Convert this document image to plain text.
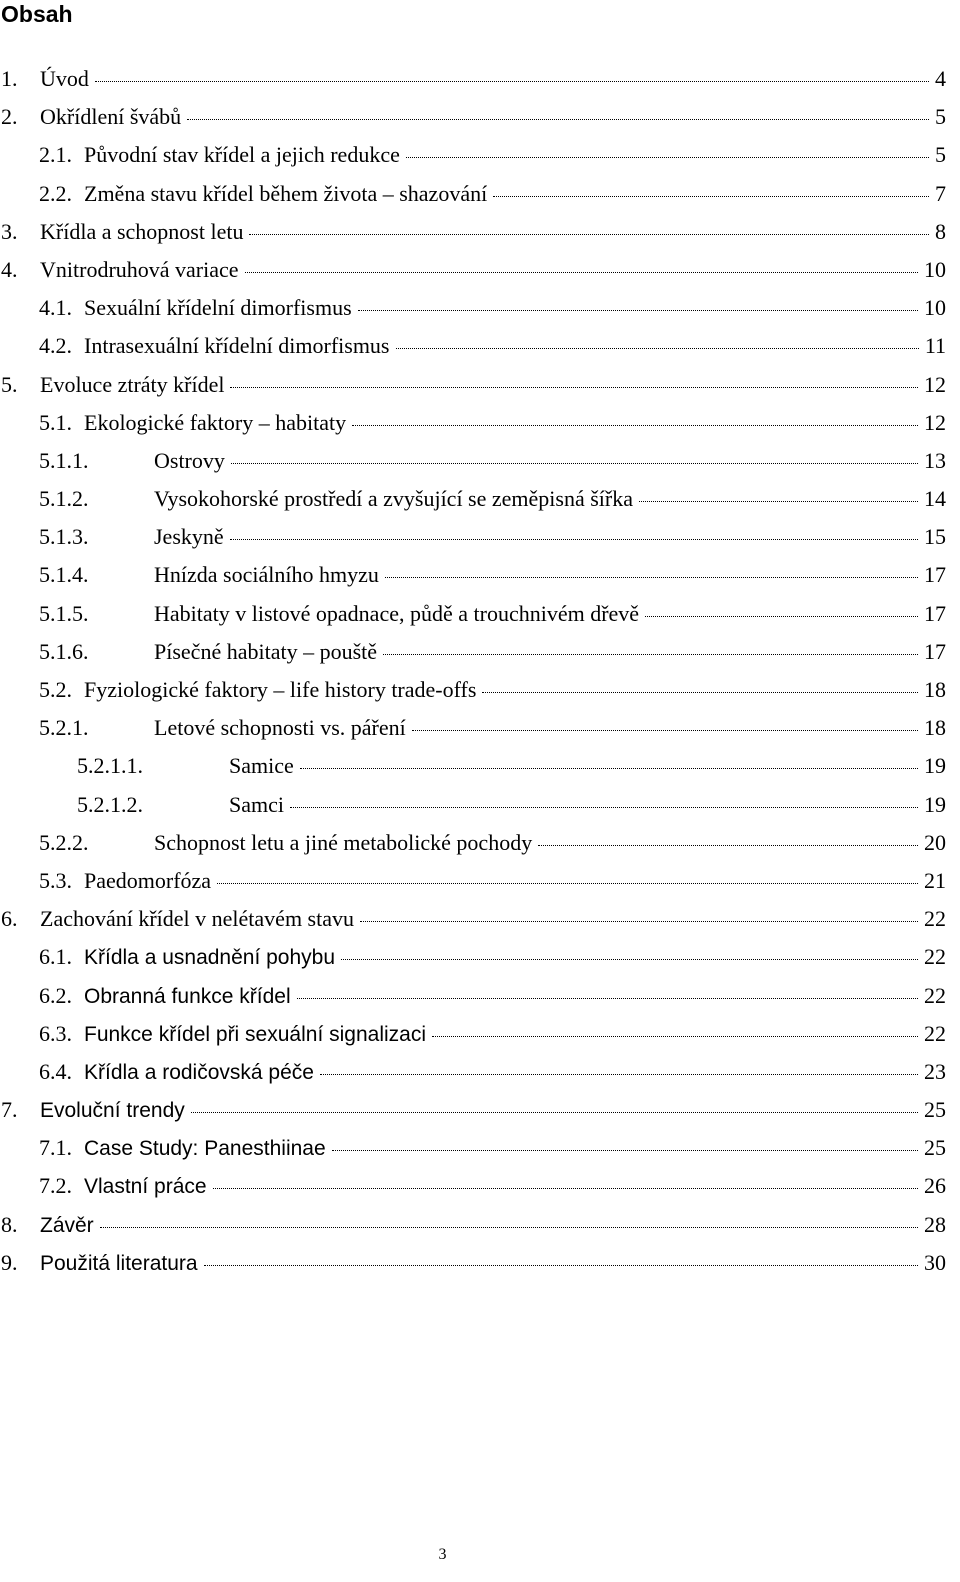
Obsah
1.	Úvod	4
2.	Okřídlení švábů	5
2.1. Původní stav křídel a jejich redukce	5
2.2. Změna stavu křídel během života – shazování	7
3.	Křídla a schopnost letu	8
4.	Vnitrodruhová variace	10
4.1. Sexuální křídelní dimorfismus	10
4.2. Intrasexuální křídelní dimorfismus	11
5.	Evoluce ztráty křídel	12
5.1. Ekologické faktory – habitaty	12
5.1.1.	Ostrovy	13
5.1.2.	Vysokohorské prostředí a zvyšující se zeměpisná šířka	14
5.1.3.	Jeskyně	15
5.1.4.	Hnízda sociálního hmyzu	17
5.1.5.	Habitaty v listové opadnace, půdě a trouchnivém dřevě	17
5.1.6.	Písečné habitaty – pouště	17
5.2. Fyziologické faktory – life history trade-offs	18
5.2.1.	Letové schopnosti vs. páření	18
5.2.1.1.	Samice	19
5.2.1.2.	Samci	19
5.2.2.	Schopnost letu a jiné metabolické pochody	20
5.3. Paedomorfóza	21
6.	Zachování křídel v nelétavém stavu	22
6.1. Křídla a usnadnění pohybu	22
6.2. Obranná funkce křídel	22
6.3. Funkce křídel při sexuální signalizaci	22
6.4. Křídla a rodičovská péče	23
7.	Evoluční trendy	25
7.1. Case Study: Panesthiinae	25
7.2. Vlastní práce	26
8.	Závěr	28
9.	Použitá literatura	30
3
